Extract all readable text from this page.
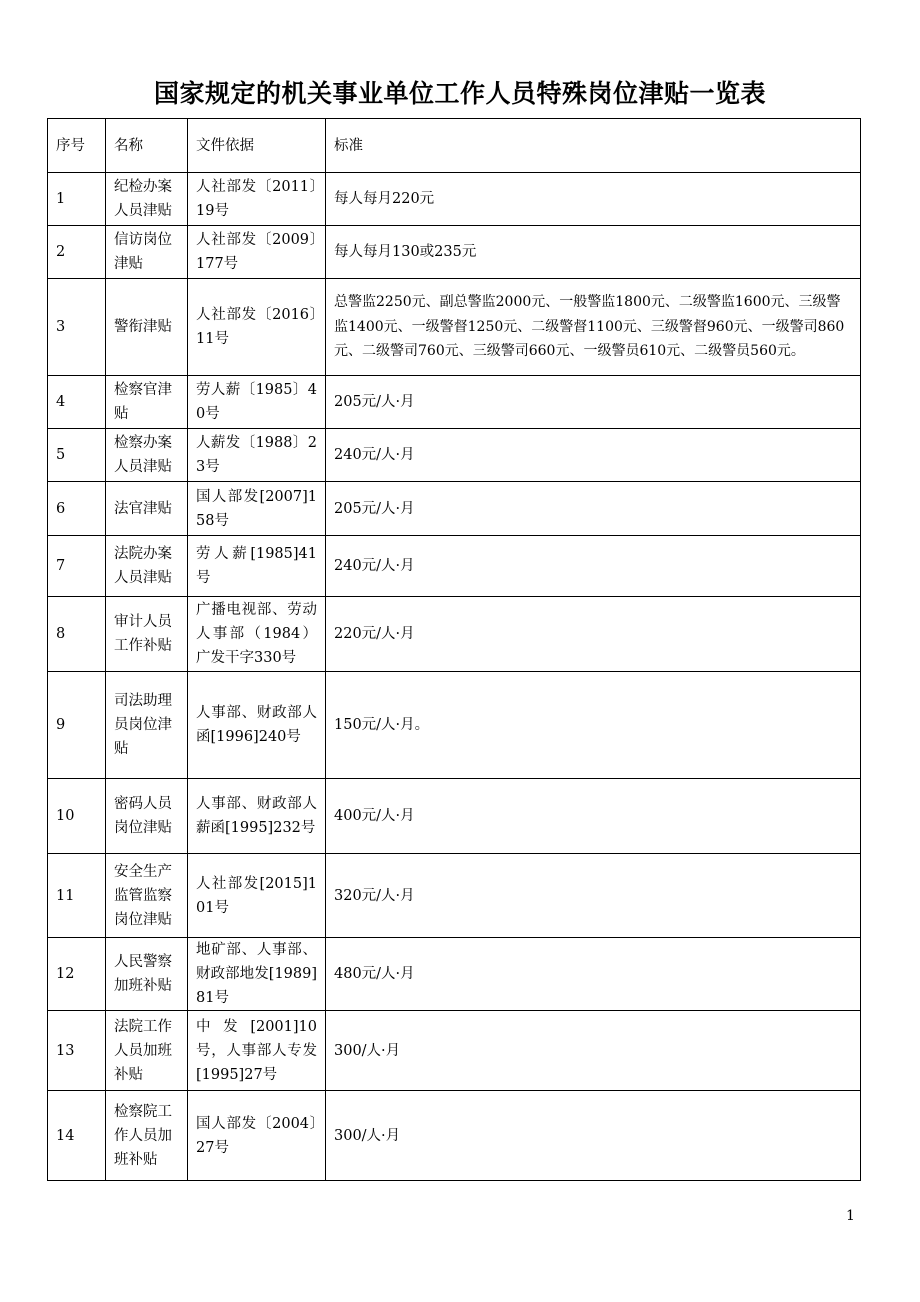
国家规定的机关事业单位工作人员特殊岗位津贴一览表
序号	名称	文件依据	标准
1	纪检办案人员津贴	人社部发〔2011〕19号	每人每月220元
2	信访岗位津贴	人社部发〔2009〕177号	每人每月130或235元
3	警衔津贴	人社部发〔2016〕11号	总警监2250元、副总警监2000元、一般警监1800元、二级警监1600元、三级警监1400元、一级警督1250元、二级警督1100元、三级警督960元、一级警司860元、二级警司760元、三级警司660元、一级警员610元、二级警员560元。
4	检察官津贴	劳人薪〔1985〕40号	205元/人·月
5	检察办案人员津贴	人薪发〔1988〕23号	240元/人·月
6	法官津贴	国人部发[2007]158号	205元/人·月
7	法院办案人员津贴	劳人薪[1985]41号	240元/人·月
8	审计人员工作补贴	广播电视部、劳动人事部（1984）广发干字330号	220元/人·月
9	司法助理员岗位津贴	人事部、财政部人函[1996]240号	150元/人·月。
10	密码人员岗位津贴	人事部、财政部人薪函[1995]232号	400元/人·月
11	安全生产监管监察岗位津贴	人社部发[2015]101号	320元/人·月
12	人民警察加班补贴	地矿部、人事部、财政部地发[1989]81号	480元/人·月
13	法院工作人员加班补贴	中发[2001]10号，人事部人专发[1995]27号	300/人·月
14	检察院工作人员加班补贴	国人部发〔2004〕27号	300/人·月
1
